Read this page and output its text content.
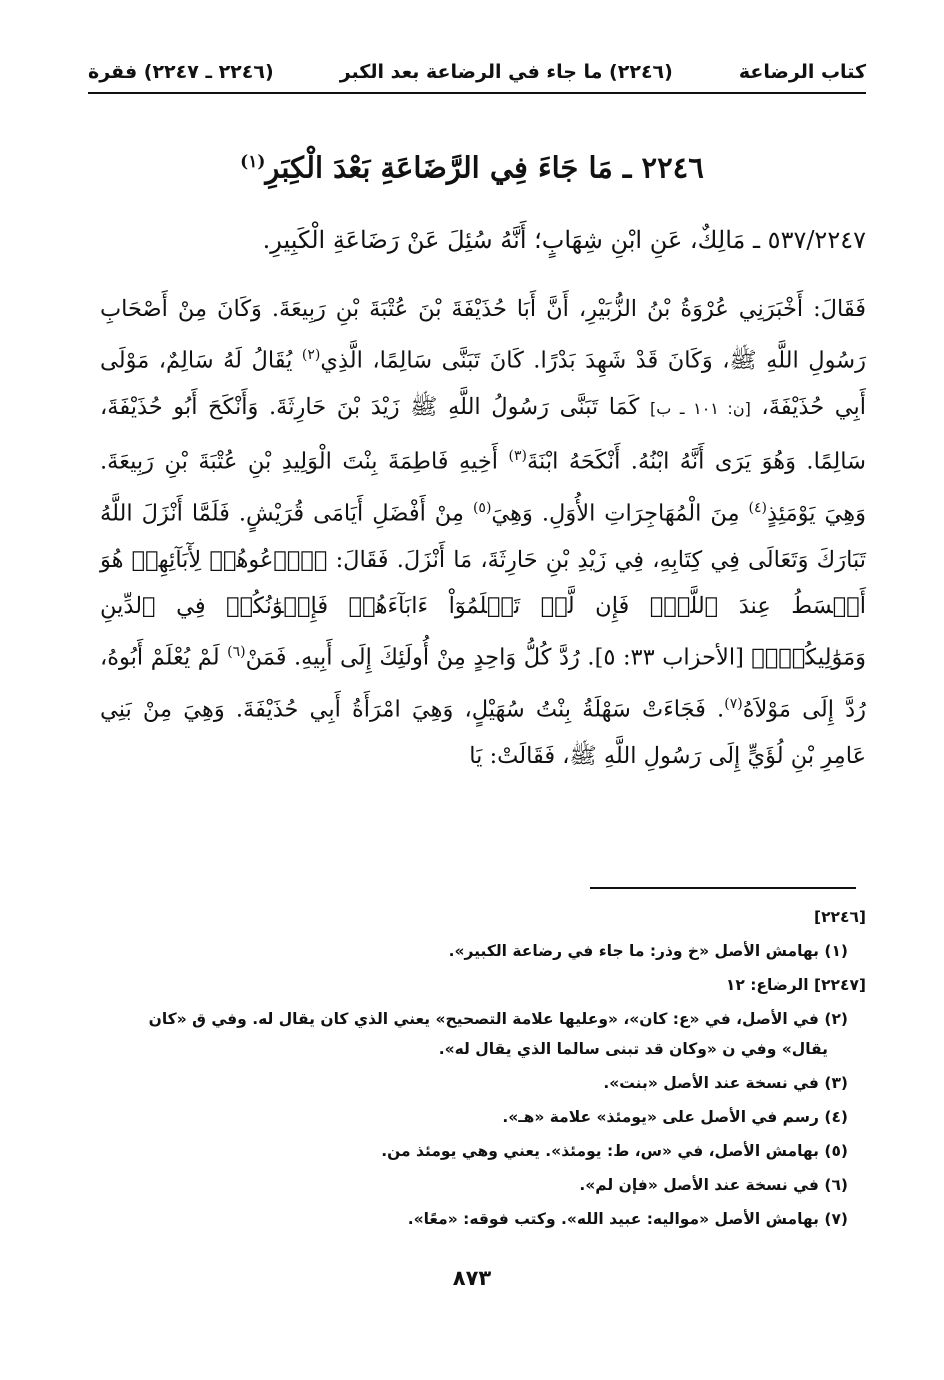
كتاب الرضاعة
(٢٢٤٦) ما جاء في الرضاعة بعد الكبر
(٢٢٤٦ ـ ٢٢٤٧) فقرة
٢٢٤٦ ـ مَا جَاءَ فِي الرَّضَاعَةِ بَعْدَ الْكِبَرِ$^{(١)}$
٥٣٧/٢٢٤٧ ـ مَالِكٌ، عَنِ ابْنِ شِهَابٍ؛ أَنَّهُ سُئِلَ عَنْ رَضَاعَةِ الْكَبِيرِ.

فَقَالَ: أَخْبَرَنِي عُرْوَةُ بْنُ الزُّبَيْرِ، أَنَّ أَبَا حُذَيْفَةَ بْنَ عُتْبَةَ بْنِ رَبِيعَةَ. وَكَانَ مِنْ أَصْحَابِ رَسُولِ اللَّهِ ﷺ، وَكَانَ قَدْ شَهِدَ بَدْرًا. كَانَ تَبَنَّى سَالِمًا، الَّذِي$^{(٢)}$ يُقَالُ لَهُ سَالِمٌ، مَوْلَى أَبِي حُذَيْفَةَ، [ن: ١٠١ ـ ب] كَمَا تَبَنَّى رَسُولُ اللَّهِ ﷺ زَيْدَ بْنَ حَارِثَةَ. وَأَنْكَحَ أَبُو حُذَيْفَةَ، سَالِمًا. وَهُوَ يَرَى أَنَّهُ ابْنُهُ. أَنْكَحَهُ ابْنَةَ$^{(٣)}$ أَخِيهِ فَاطِمَةَ بِنْتَ الْوَلِيدِ بْنِ عُتْبَةَ بْنِ رَبِيعَةَ. وَهِيَ يَوْمَئِذٍ$^{(٤)}$ مِنَ الْمُهَاجِرَاتِ الأُوَلِ. وَهِيَ$^{(٥)}$ مِنْ أَفْضَلِ أَيَامَى قُرَيْشٍ. فَلَمَّا أَنْزَلَ اللَّهُ تَبَارَكَ وَتَعَالَى فِي كِتَابِهِ، فِي زَيْدِ بْنِ حَارِثَةَ، مَا أَنْزَلَ. فَقَالَ: ﴿ٱدۡعُوهُمۡ لِأٓبَآئِهِمۡ هُوَ أَقۡسَطُ عِندَ ٱللَّهِۚ فَإِن لَّمۡ تَعۡلَمُوٓاْ ءَابَآءَهُمۡ فَإِخۡوَٰنُكُمۡ فِي ٱلدِّينِ وَمَوَٰلِيكُمۡۚ﴾ [الأحزاب ٣٣: ٥]. رُدَّ كُلُّ وَاحِدٍ مِنْ أُولَئِكَ إِلَى أَبِيهِ. فَمَنْ$^{(٦)}$ لَمْ يُعْلَمْ أَبُوهُ، رُدَّ إِلَى مَوْلاَهُ$^{(٧)}$. فَجَاءَتْ سَهْلَةُ بِنْتُ سُهَيْلٍ، وَهِيَ امْرَأَةُ أَبِي حُذَيْفَةَ. وَهِيَ مِنْ بَنِي عَامِرِ بْنِ لُؤَيٍّ إِلَى رَسُولِ اللَّهِ ﷺ، فَقَالَتْ: يَا

[٢٢٤٦]
(١) بهامش الأصل «خ وذر: ما جاء في رضاعة الكبير».
[٢٢٤٧] الرضاع: ١٢
(٢) في الأصل، في «ع: كان»، «وعليها علامة التصحيح» يعني الذي كان يقال له. وفي ق «كان يقال» وفي ن «وكان قد تبنى سالما الذي يقال له».
(٣) في نسخة عند الأصل «بنت».
(٤) رسم في الأصل على «يومئذ» علامة «هـ».
(٥) بهامش الأصل، في «س، ط: يومئذ». يعني وهي يومئذ من.
(٦) في نسخة عند الأصل «فإن لم».
(٧) بهامش الأصل «مواليه: عبيد الله». وكتب فوقه: «معًا».
٨٧٣
